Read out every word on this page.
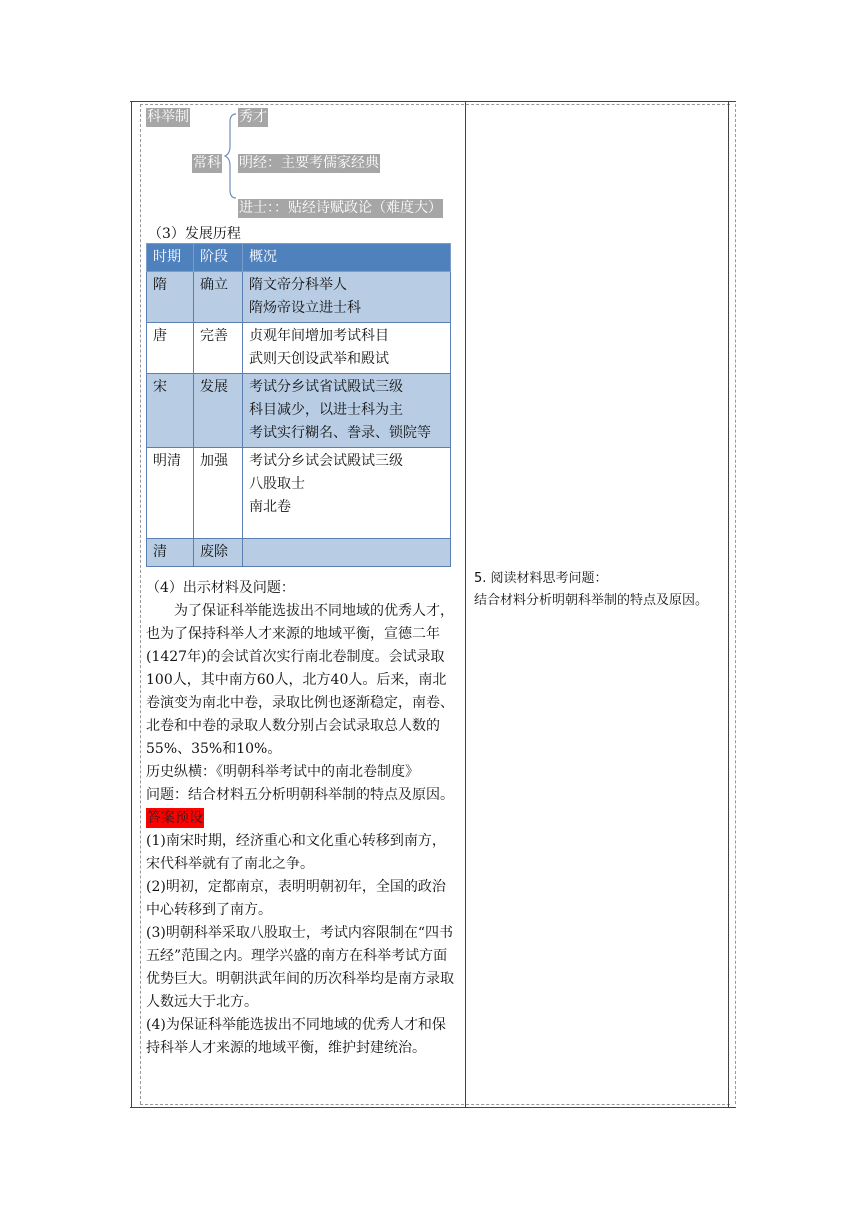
科举制
常科
秀才
明经：主要考儒家经典
进士：：贴经诗赋政论（难度大）
（3）发展历程
时期	阶段	概况
隋	确立	隋文帝分科举人
隋炀帝设立进士科

唐	完善	贞观年间增加考试科目
武则天创设武举和殿试

宋	发展	考试分乡试省试殿试三级
科目减少，以进士科为主
考试实行糊名、誊录、锁院等

明清	加强	考试分乡试会试殿试三级
八股取士
南北卷

清	废除	
（4）出示材料及问题：
为了保证科举能选拔出不同地域的优秀人才，也为了保持科举人才来源的地域平衡，宣德二年(1427年)的会试首次实行南北卷制度。会试录取100人，其中南方60人，北方40人。后来，南北卷演变为南北中卷，录取比例也逐渐稳定，南卷、北卷和中卷的录取人数分别占会试录取总人数的55%、35%和10%。
历史纵横：《明朝科举考试中的南北卷制度》
问题：结合材料五分析明朝科举制的特点及原因。
答案预设
(1)南宋时期，经济重心和文化重心转移到南方，宋代科举就有了南北之争。
(2)明初，定都南京，表明明朝初年，全国的政治中心转移到了南方。
(3)明朝科举采取八股取士，考试内容限制在“四书五经”范围之内。理学兴盛的南方在科举考试方面优势巨大。明朝洪武年间的历次科举均是南方录取人数远大于北方。
(4)为保证科举能选拔出不同地域的优秀人才和保持科举人才来源的地域平衡，维护封建统治。
5. 阅读材料思考问题：
结合材料分析明朝科举制的特点及原因。
